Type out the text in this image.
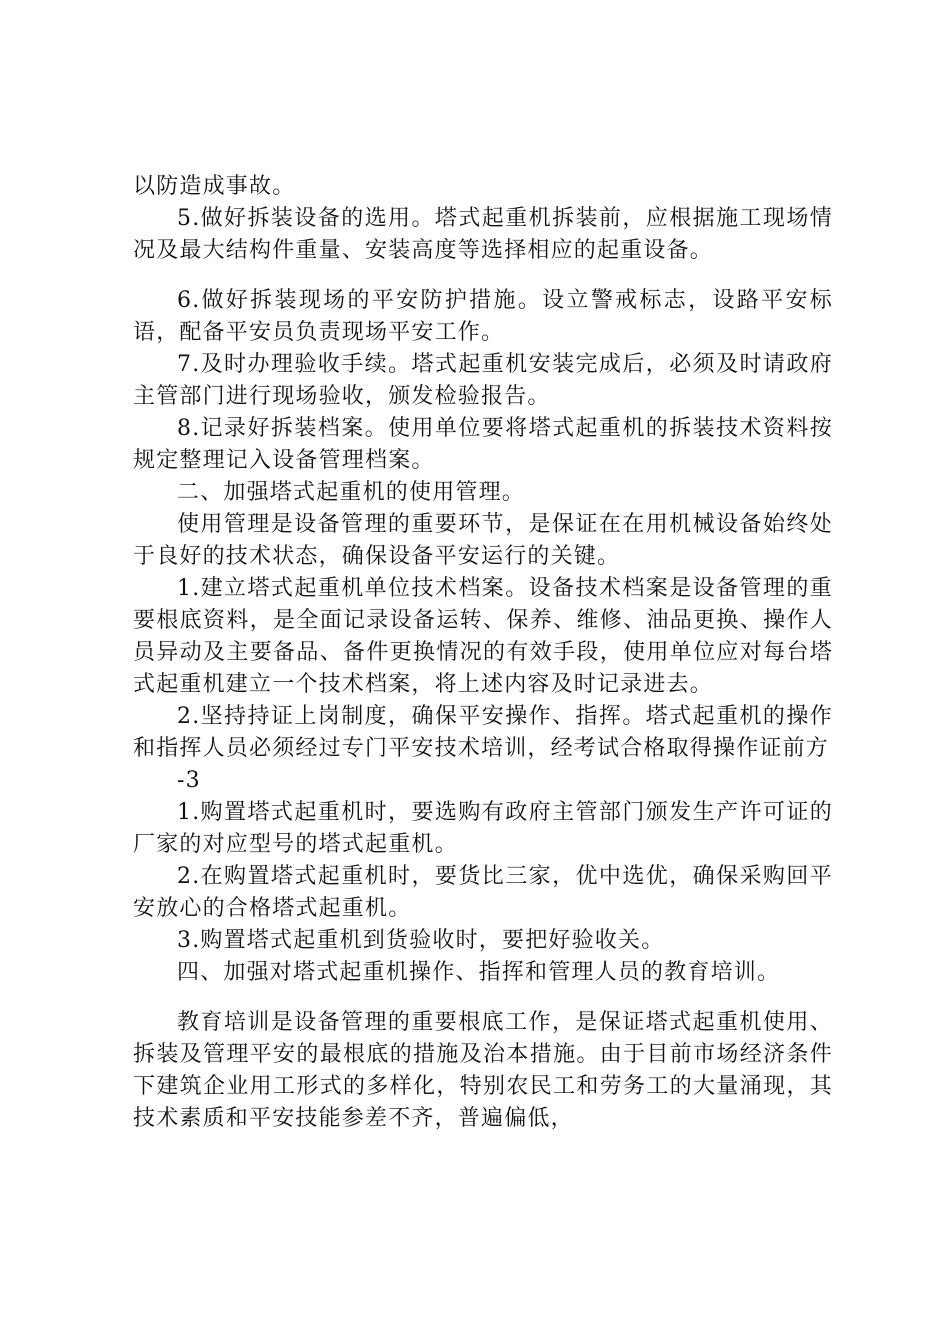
以防造成事故。

5.做好拆装设备的选用。塔式起重机拆装前，应根据施工现场情况及最大结构件重量、安装高度等选择相应的起重设备。

6.做好拆装现场的平安防护措施。设立警戒标志，设路平安标语，配备平安员负责现场平安工作。

7.及时办理验收手续。塔式起重机安装完成后，必须及时请政府主管部门进行现场验收，颁发检验报告。

8.记录好拆装档案。使用单位要将塔式起重机的拆装技术资料按规定整理记入设备管理档案。

二、加强塔式起重机的使用管理。

使用管理是设备管理的重要环节，是保证在在用机械设备始终处于良好的技术状态，确保设备平安运行的关键。

1.建立塔式起重机单位技术档案。设备技术档案是设备管理的重要根底资料，是全面记录设备运转、保养、维修、油品更换、操作人员异动及主要备品、备件更换情况的有效手段，使用单位应对每台塔式起重机建立一个技术档案，将上述内容及时记录进去。

2.坚持持证上岗制度，确保平安操作、指挥。塔式起重机的操作和指挥人员必须经过专门平安技术培训，经考试合格取得操作证前方

-3

1.购置塔式起重机时，要选购有政府主管部门颁发生产许可证的厂家的对应型号的塔式起重机。

2.在购置塔式起重机时，要货比三家，优中选优，确保采购回平安放心的合格塔式起重机。

3.购置塔式起重机到货验收时，要把好验收关。

四、加强对塔式起重机操作、指挥和管理人员的教育培训。

教育培训是设备管理的重要根底工作，是保证塔式起重机使用、拆装及管理平安的最根底的措施及治本措施。由于目前市场经济条件下建筑企业用工形式的多样化，特别农民工和劳务工的大量涌现，其技术素质和平安技能参差不齐，普遍偏低，
